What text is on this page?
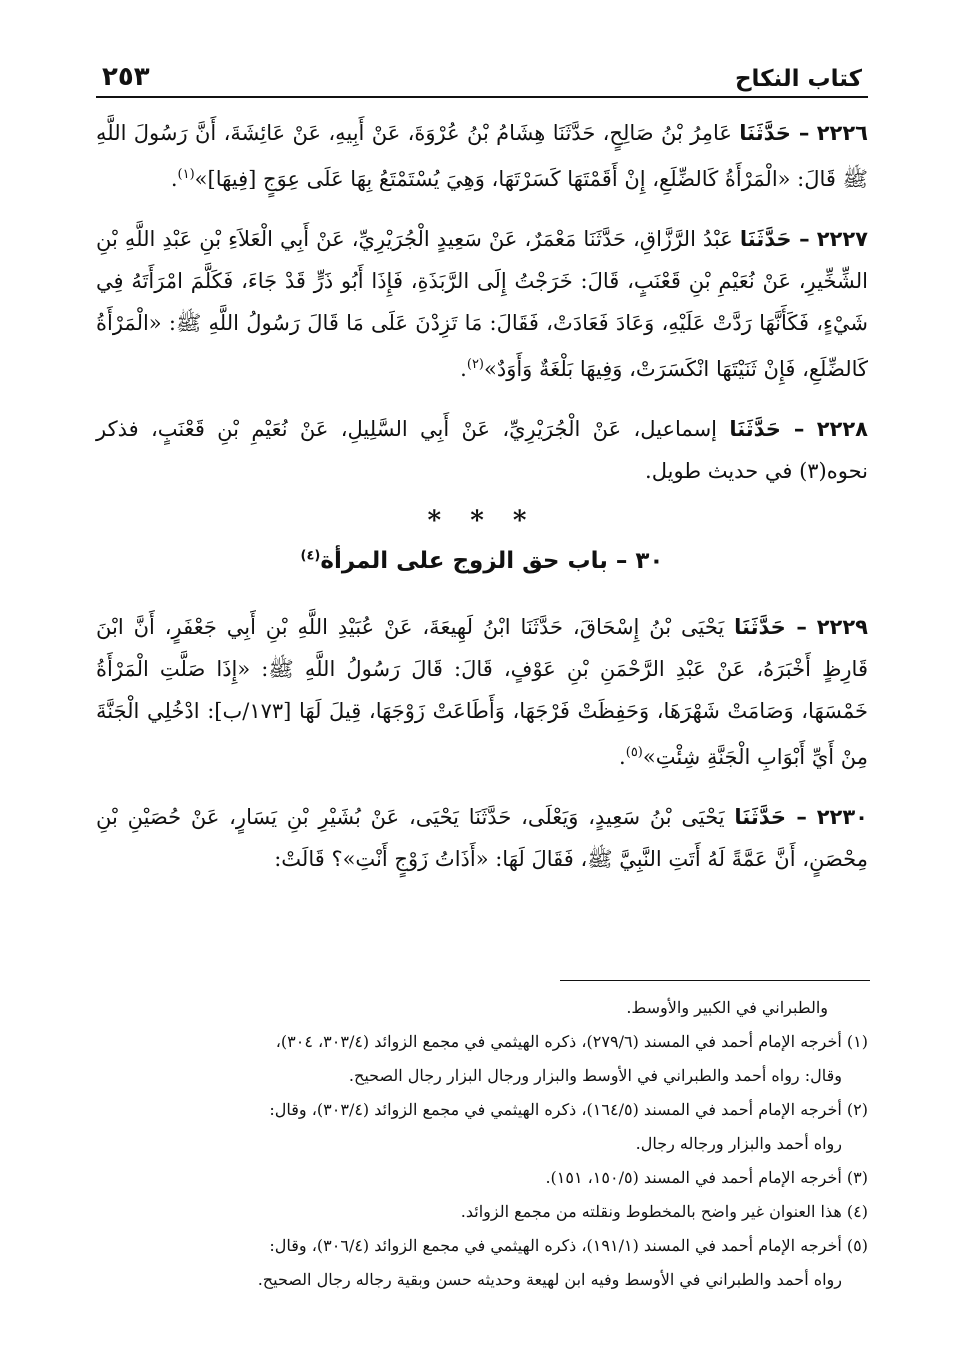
كتاب النكاح
٢٥٣

٢٢٢٦ – حَدَّثَنَا عَامِرُ بْنُ صَالِحٍ، حَدَّثَنَا هِشَامُ بْنُ عُرْوَةَ، عَنْ أَبِيهِ، عَنْ عَائِشَةَ، أَنَّ رَسُولَ اللَّهِ ﷺ قَالَ: «الْمَرْأَةُ كَالضِّلَعِ، إِنْ أَقَمْتَهَا كَسَرْتَهَا، وَهِيَ يُسْتَمْتَعُ بِهَا عَلَى عِوَجٍ [فِيهَا]»$^{(١)}$.

٢٢٢٧ – حَدَّثَنَا عَبْدُ الرَّزَّاقِ، حَدَّثَنَا مَعْمَرٌ، عَنْ سَعِيدٍ الْجُرَيْرِيِّ، عَنْ أَبِي الْعَلاَءِ بْنِ عَبْدِ اللَّهِ بْنِ الشِّخِّيرِ، عَنْ نُعَيْمِ بْنِ قَعْنَبٍ، قَالَ: خَرَجْتُ إِلَى الرَّبَذَةِ، فَإِذَا أَبُو ذَرٍّ قَدْ جَاءَ، فَكَلَّمَ امْرَأَتَهُ فِي شَيْءٍ، فَكَأَنَّهَا رَدَّتْ عَلَيْهِ، وَعَادَ فَعَادَتْ، فَقَالَ: مَا تَزِدْنَ عَلَى مَا قَالَ رَسُولُ اللَّهِ ﷺ: «الْمَرْأَةُ كَالضِّلَعِ، فَإِنْ ثَنَيْتَهَا انْكَسَرَتْ، وَفِيهَا بَلْغَةٌ وَأَوَدٌ»$^{(٢)}$.

٢٢٢٨ – حَدَّثَنَا إسماعيل، عَنْ الْجُرَيْرِيِّ، عَنْ أَبِي السَّلِيلِ، عَنْ نُعَيْمِ بْنِ قَعْنَبٍ، فذكر نحوه(٣) في حديث طويل.

* * *
٣٠ – باب حق الزوج على المرأة$^{(٤)}$

٢٢٢٩ – حَدَّثَنَا يَحْيَى بْنُ إِسْحَاقَ، حَدَّثَنَا ابْنُ لَهِيعَةَ، عَنْ عُبَيْدِ اللَّهِ بْنِ أَبِي جَعْفَرٍ، أَنَّ ابْنَ قَارِظٍ أَخْبَرَهُ، عَنْ عَبْدِ الرَّحْمَنِ بْنِ عَوْفٍ، قَالَ: قَالَ رَسُولُ اللَّهِ ﷺ: «إِذَا صَلَّتِ الْمَرْأَةُ خَمْسَهَا، وَصَامَتْ شَهْرَهَا، وَحَفِظَتْ فَرْجَهَا، وَأَطَاعَتْ زَوْجَهَا، قِيلَ لَهَا [١٧٣/ب]: ادْخُلِي الْجَنَّةَ مِنْ أَيِّ أَبْوَابِ الْجَنَّةِ شِئْتِ»$^{(٥)}$.

٢٢٣٠ – حَدَّثَنَا يَحْيَى بْنُ سَعِيدٍ، وَيَعْلَى، حَدَّثَنَا يَحْيَى، عَنْ بُشَيْرِ بْنِ يَسَارٍ، عَنْ حُصَيْنِ بْنِ مِحْصَنٍ، أَنَّ عَمَّةً لَهُ أَتَتِ النَّبِيَّ ﷺ، فَقَالَ لَهَا: «أَذَاتُ زَوْجٍ أَنْتِ»؟ قَالَتْ:

والطبراني في الكبير والأوسط.

(١) أخرجه الإمام أحمد في المسند (٢٧٩/٦)، ذكره الهيثمي في مجمع الزوائد (٣٠٣/٤، ٣٠٤)،

وقال: رواه أحمد والطبراني في الأوسط والبزار ورجال البزار رجال الصحيح.

(٢) أخرجه الإمام أحمد في المسند (١٦٤/٥)، ذكره الهيثمي في مجمع الزوائد (٣٠٣/٤)، وقال:

رواه أحمد والبزار ورجاله رجال.

(٣) أخرجه الإمام أحمد في المسند (١٥٠/٥، ١٥١).

(٤) هذا العنوان غير واضح بالمخطوط ونقلته من مجمع الزوائد.

(٥) أخرجه الإمام أحمد في المسند (١٩١/١)، ذكره الهيثمي في مجمع الزوائد (٣٠٦/٤)، وقال:

رواه أحمد والطبراني في الأوسط وفيه ابن لهيعة وحديثه حسن وبقية رجاله رجال الصحيح.
